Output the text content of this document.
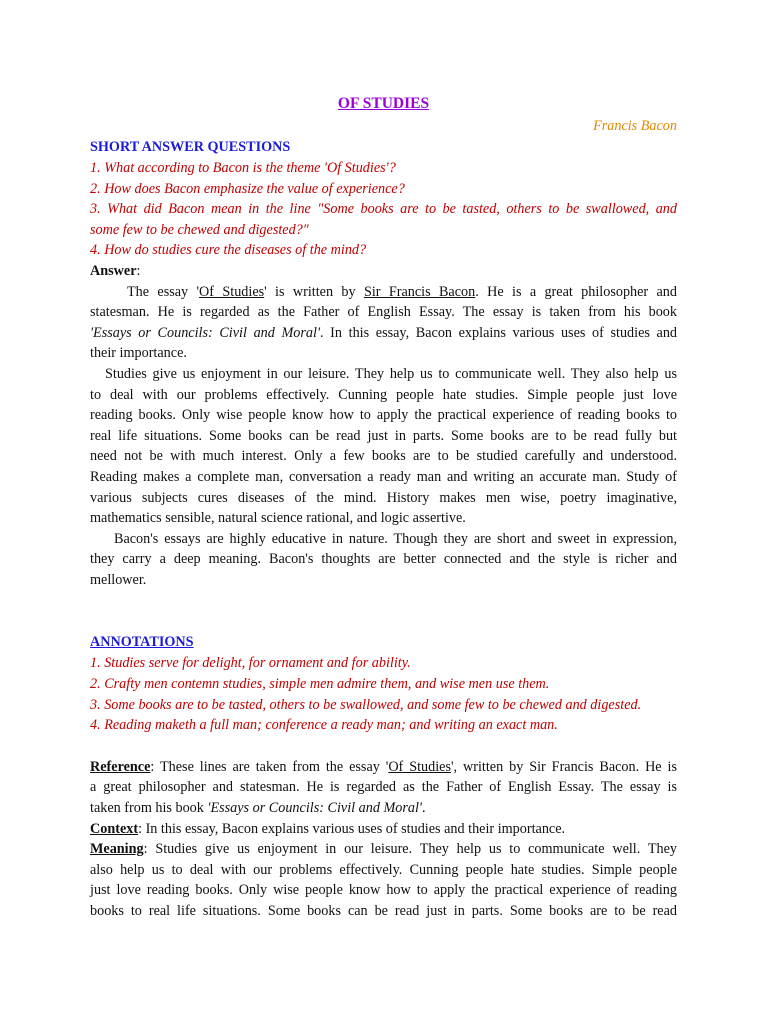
OF STUDIES
Francis Bacon
SHORT ANSWER QUESTIONS
1. What according to Bacon is the theme 'Of Studies'?
2. How does Bacon emphasize the value of experience?
3. What did Bacon mean in the line "Some books are to be tasted, others to be swallowed, and
some few to be chewed and digested?"
4. How do studies cure the diseases of the mind?
Answer:
The essay 'Of Studies' is written by Sir Francis Bacon. He is a great philosopher and
statesman. He is regarded as the Father of English Essay. The essay is taken from his book
'Essays or Councils: Civil and Moral'. In this essay, Bacon explains various uses of studies and
their importance.
Studies give us enjoyment in our leisure. They help us to communicate well. They also help us
to deal with our problems effectively. Cunning people hate studies. Simple people just love
reading books. Only wise people know how to apply the practical experience of reading books to
real life situations. Some books can be read just in parts. Some books are to be read fully but
need not be with much interest. Only a few books are to be studied carefully and understood.
Reading makes a complete man, conversation a ready man and writing an accurate man. Study of
various subjects cures diseases of the mind. History makes men wise, poetry imaginative,
mathematics sensible, natural science rational, and logic assertive.
Bacon's essays are highly educative in nature. Though they are short and sweet in expression,
they carry a deep meaning. Bacon's thoughts are better connected and the style is richer and
mellower.
ANNOTATIONS
1. Studies serve for delight, for ornament and for ability.
2. Crafty men contemn studies, simple men admire them, and wise men use them.
3. Some books are to be tasted, others to be swallowed, and some few to be chewed and digested.
4. Reading maketh a full man; conference a ready man; and writing an exact man.
Reference: These lines are taken from the essay 'Of Studies', written by Sir Francis Bacon. He is
a great philosopher and statesman. He is regarded as the Father of English Essay. The essay is
taken from his book 'Essays or Councils: Civil and Moral'.
Context: In this essay, Bacon explains various uses of studies and their importance.
Meaning: Studies give us enjoyment in our leisure. They help us to communicate well. They
also help us to deal with our problems effectively. Cunning people hate studies. Simple people
just love reading books. Only wise people know how to apply the practical experience of reading
books to real life situations. Some books can be read just in parts. Some books are to be read
